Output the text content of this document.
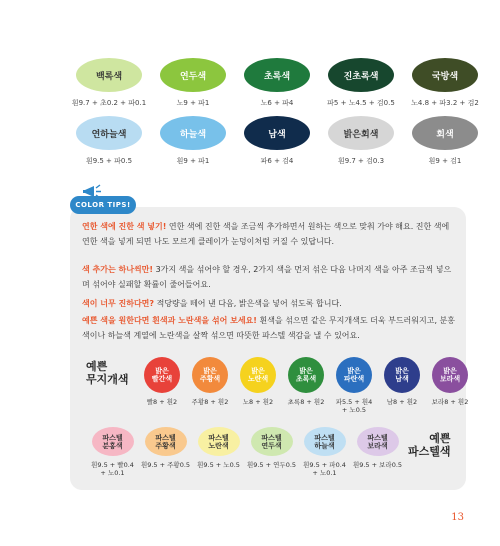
백록색
흰9.7 + 초0.2 + 파0.1
연두색
노9 + 파1
초록색
노6 + 파4
진초록색
파5 + 노4.5 + 검0.5
국방색
노4.8 + 파3.2 + 검2
연하늘색
흰9.5 + 파0.5
하늘색
흰9 + 파1
남색
파6 + 검4
밝은회색
흰9.7 + 검0.3
회색
흰9 + 검1
COLOR TIPS!

연한 색에 진한 색 넣기! 연한 색에 진한 색을 조금씩 추가하면서 원하는 색으로 맞춰 가야 해요. 진한 색에 연한 색을 넣게 되면 나도 모르게 클레이가 눈덩이처럼 커질 수 있답니다.

색 추가는 하나씩만! 3가지 색을 섞어야 할 경우, 2가지 색을 먼저 섞은 다음 나머지 색을 아주 조금씩 넣으며 섞어야 실패할 확률이 줄어들어요.

색이 너무 진하다면? 적당량을 떼어 낸 다음, 밝은색을 넣어 섞도록 합니다.

예쁜 색을 원한다면 흰색과 노란색을 섞어 보세요! 흰색을 섞으면 같은 무지개색도 더욱 부드러워지고, 분홍색이나 하늘색 계열에 노란색을 살짝 섞으면 따뜻한 파스텔 색감을 낼 수 있어요.

예쁜
무지개색
밝은
빨간색
빨8 + 흰2

밝은
주황색
주황8 + 흰2

밝은
노란색
노8 + 흰2

밝은
초록색
초록8 + 흰2

밝은
파란색
파5.5 + 흰4
+ 노0.5
밝은
남색
남8 + 흰2

밝은
보라색
보라8 + 흰2

파스텔
분홍색
흰9.5 + 빨0.4
+ 노0.1
파스텔
주황색
흰9.5 + 주황0.5

파스텔
노란색
흰9.5 + 노0.5

파스텔
연두색
흰9.5 + 연두0.5

파스텔
하늘색
흰9.5 + 파0.4
+ 노0.1
파스텔
보라색
흰9.5 + 보라0.5

예쁜
파스텔색
13
